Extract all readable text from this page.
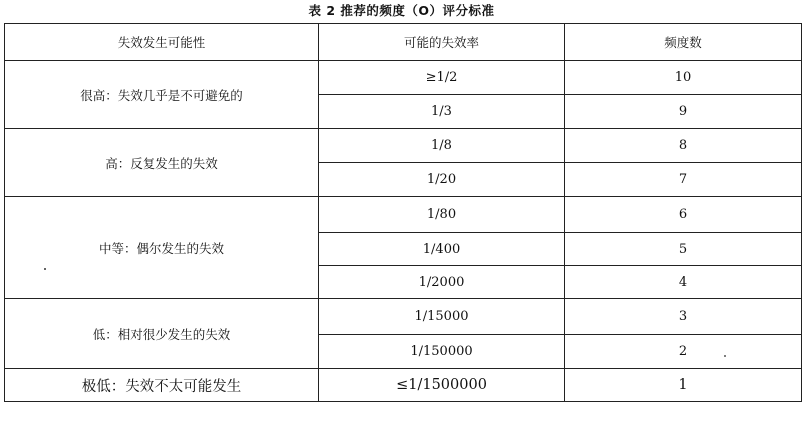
表 2 推荐的频度（O）评分标准
失效发生可能性	可能的失效率	频度数
很高：失效几乎是不可避免的	≥1/2	10
	1/3	9
高：反复发生的失效	1/8	8
	1/20	7
中等：偶尔发生的失效	1/80	6
	1/400	5
	1/2000	4
低：相对很少发生的失效	1/15000	3
	1/150000	2
极低：失效不太可能发生	≤1/1500000	1
